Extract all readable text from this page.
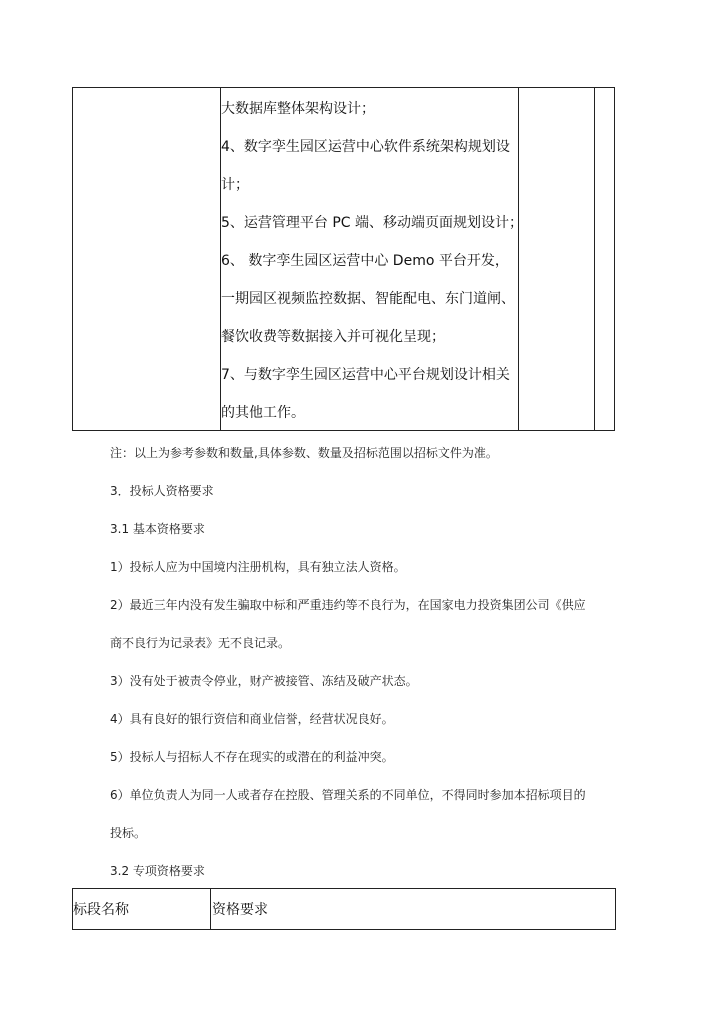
大数据库整体架构设计；
4、数字孪生园区运营中心软件系统架构规划设
计；
5、运营管理平台 PC 端、移动端页面规划设计；
6、 数字孪生园区运营中心 Demo 平台开发，
一期园区视频监控数据、智能配电、东门道闸、
餐饮收费等数据接入并可视化呈现；
7、与数字孪生园区运营中心平台规划设计相关
的其他工作。
注：以上为参考参数和数量,具体参数、数量及招标范围以招标文件为准。
3．投标人资格要求
3.1 基本资格要求
1）投标人应为中国境内注册机构，具有独立法人资格。
2）最近三年内没有发生骗取中标和严重违约等不良行为，在国家电力投资集团公司《供应
商不良行为记录表》无不良记录。
3）没有处于被责令停业，财产被接管、冻结及破产状态。
4）具有良好的银行资信和商业信誉，经营状况良好。
5）投标人与招标人不存在现实的或潜在的利益冲突。
6）单位负责人为同一人或者存在控股、管理关系的不同单位，不得同时参加本招标项目的
投标。
3.2 专项资格要求
标段名称	资格要求
